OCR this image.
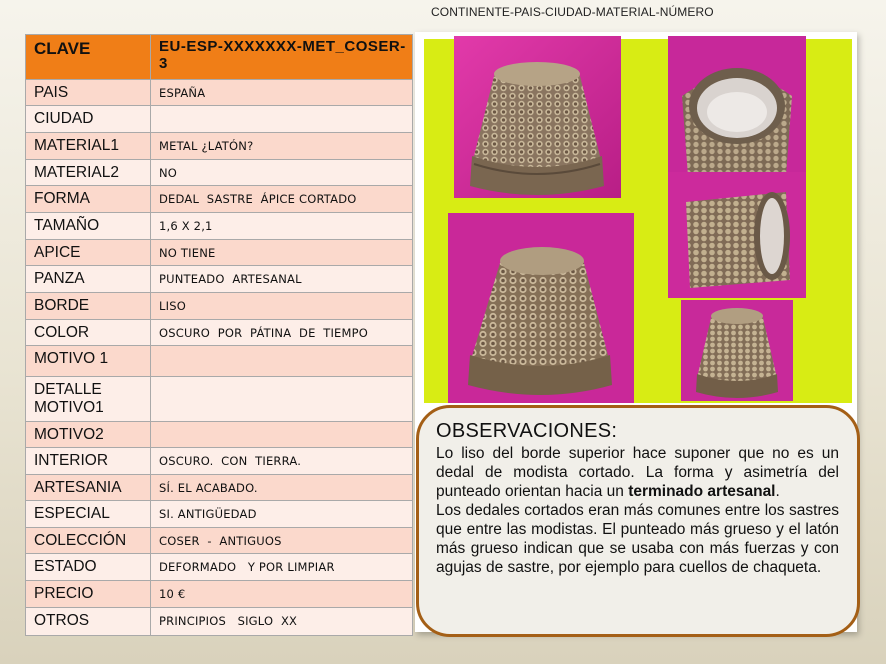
CONTINENTE-PAIS-CIUDAD-MATERIAL-NÚMERO
CLAVE	EU-ESP-XXXXXXX-MET_COSER-3
PAIS	ESPAÑA
CIUDAD	
MATERIAL1	METAL ¿LATÓN?
MATERIAL2	NO
FORMA	DEDAL  SASTRE  ÁPICE CORTADO
TAMAÑO	1,6 X 2,1
APICE	NO TIENE
PANZA	PUNTEADO  ARTESANAL
BORDE	LISO
COLOR	OSCURO  POR  PÁTINA  DE  TIEMPO
MOTIVO 1	
DETALLE MOTIVO1	
MOTIVO2	
INTERIOR	OSCURO.  CON  TIERRA.
ARTESANIA	SÍ. EL ACABADO.
ESPECIAL	SI. ANTIGÜEDAD
COLECCIÓN	COSER  -  ANTIGUOS
ESTADO	DEFORMADO   Y POR LIMPIAR
PRECIO	10 €
OTROS	PRINCIPIOS   SIGLO  XX
OBSERVACIONES:
Lo liso del borde superior hace suponer que no es un dedal de modista cortado. La forma y asimetría del punteado orientan hacia un terminado artesanal.
Los dedales cortados eran más comunes entre los sastres que entre las modistas. El punteado más grueso y el latón más grueso indican que se usaba con más fuerzas y con agujas de sastre, por ejemplo para cuellos de chaqueta.
